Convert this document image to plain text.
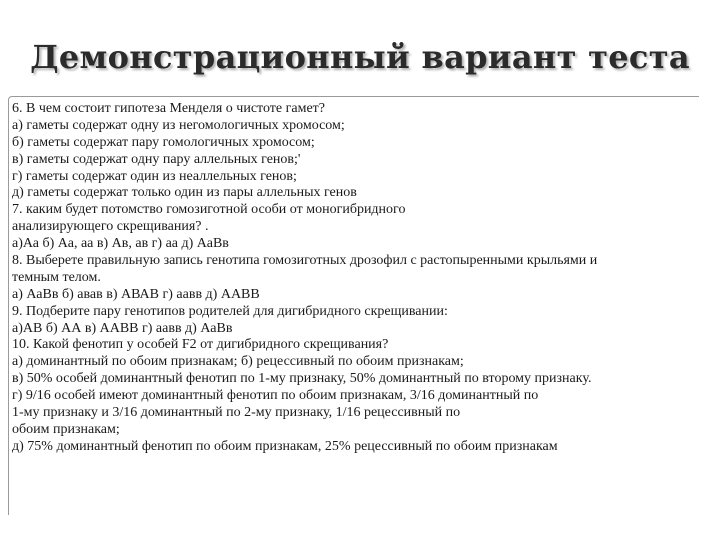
Демонстрационный вариант теста
6. В чем состоит гипотеза Менделя о чистоте гамет?
а) гаметы содержат одну из негомологичных хромосом;
б) гаметы содержат пару гомологичных хромосом;
в) гаметы содержат одну пару аллельных генов;'
г) гаметы содержат один из неаллельных генов;
д) гаметы содержат только один из пары аллельных генов
7. каким будет потомство гомозиготной особи от моногибридного
анализирующего скрещивания? .
а)Аа б) Аа, аа в) Ав, ав г) аа д) АаВв
8. Выберете правильную запись генотипа гомозиготных дрозофил с растопыренными крыльями и
темным телом.
а) АаВв б) авав в) АВАВ г) аавв д) ААВВ
9. Подберите пару генотипов родителей для дигибридного скрещивании:
а)АВ б) АА в) ААВВ г) аавв д) АаВв
10. Какой фенотип у особей F2 от дигибридного скрещивания?
а) доминантный по обоим признакам; б) рецессивный по обоим признакам;
в) 50% особей доминантный фенотип по 1-му признаку, 50% доминантный по второму признаку.
г) 9/16 особей имеют доминантный фенотип по обоим признакам, 3/16 доминантный по
1-му признаку и 3/16 доминантный по 2-му признаку, 1/16 рецессивный по
обоим признакам;
д) 75% доминантный фенотип по обоим признакам, 25% рецессивный по обоим признакам
